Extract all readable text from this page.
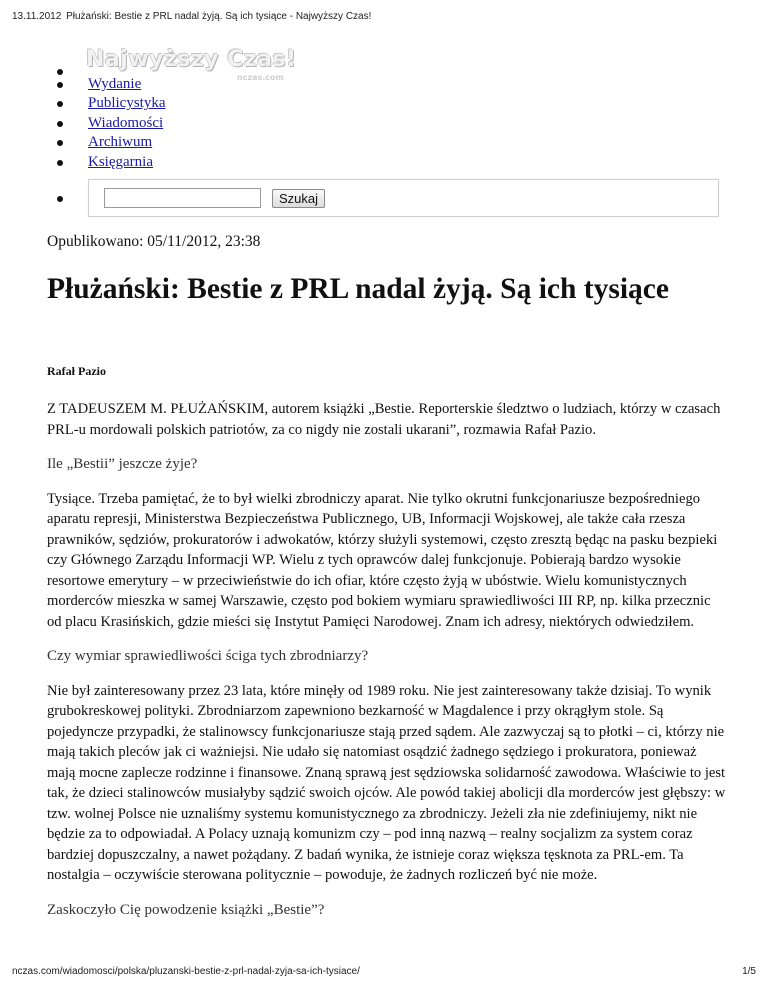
13.11.2012 Płużański: Bestie z PRL nadal żyją. Są ich tysiące - Najwyższy Czas!
Najwyższy Czas!
nczas.com
Wydanie
Publicystyka
Wiadomości
Archiwum
Księgarnia
Szukaj
Opublikowano: 05/11/2012, 23:38
Płużański: Bestie z PRL nadal żyją. Są ich tysiące
Rafał Pazio

Z TADEUSZEM M. PŁUŻAŃSKIM, autorem książki „Bestie. Reporterskie śledztwo o ludziach, którzy w czasach PRL-u mordowali polskich patriotów, za co nigdy nie zostali ukarani”, rozmawia Rafał Pazio.

Ile „Bestii” jeszcze żyje?

Tysiące. Trzeba pamiętać, że to był wielki zbrodniczy aparat. Nie tylko okrutni funkcjonariusze bezpośredniego aparatu represji, Ministerstwa Bezpieczeństwa Publicznego, UB, Informacji Wojskowej, ale także cała rzesza prawników, sędziów, prokuratorów i adwokatów, którzy służyli systemowi, często zresztą będąc na pasku bezpieki czy Głównego Zarządu Informacji WP. Wielu z tych oprawców dalej funkcjonuje. Pobierają bardzo wysokie resortowe emerytury – w przeciwieństwie do ich ofiar, które często żyją w ubóstwie. Wielu komunistycznych morderców mieszka w samej Warszawie, często pod bokiem wymiaru sprawiedliwości III RP, np. kilka przecznic od placu Krasińskich, gdzie mieści się Instytut Pamięci Narodowej. Znam ich adresy, niektórych odwiedziłem.

Czy wymiar sprawiedliwości ściga tych zbrodniarzy?

Nie był zainteresowany przez 23 lata, które minęły od 1989 roku. Nie jest zainteresowany także dzisiaj. To wynik grubokreskowej polityki. Zbrodniarzom zapewniono bezkarność w Magdalence i przy okrągłym stole. Są pojedyncze przypadki, że stalinowscy funkcjonariusze stają przed sądem. Ale zazwyczaj są to płotki – ci, którzy nie mają takich pleców jak ci ważniejsi. Nie udało się natomiast osądzić żadnego sędziego i prokuratora, ponieważ mają mocne zaplecze rodzinne i finansowe. Znaną sprawą jest sędziowska solidarność zawodowa. Właściwie to jest tak, że dzieci stalinowców musiałyby sądzić swoich ojców. Ale powód takiej abolicji dla morderców jest głębszy: w tzw. wolnej Polsce nie uznaliśmy systemu komunistycznego za zbrodniczy. Jeżeli zła nie zdefiniujemy, nikt nie będzie za to odpowiadał. A Polacy uznają komunizm czy – pod inną nazwą – realny socjalizm za system coraz bardziej dopuszczalny, a nawet pożądany. Z badań wynika, że istnieje coraz większa tęsknota za PRL-em. Ta nostalgia – oczywiście sterowana politycznie – powoduje, że żadnych rozliczeń być nie może.

Zaskoczyło Cię powodzenie książki „Bestie”?

nczas.com/wiadomosci/polska/pluzanski-bestie-z-prl-nadal-zyja-sa-ich-tysiace/	1/5
